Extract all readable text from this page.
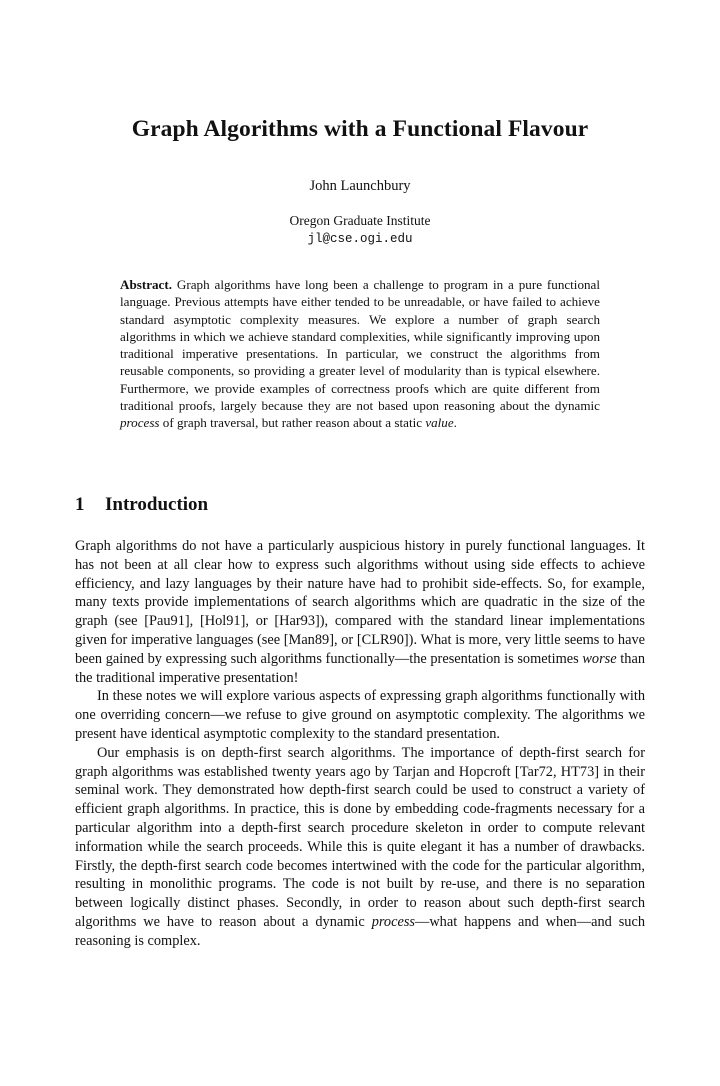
Graph Algorithms with a Functional Flavour
John Launchbury
Oregon Graduate Institute
jl@cse.ogi.edu

Abstract. Graph algorithms have long been a challenge to program in a pure functional language. Previous attempts have either tended to be unreadable, or have failed to achieve standard asymptotic complexity measures. We explore a number of graph search algorithms in which we achieve standard complexities, while significantly improving upon traditional imperative presentations. In particular, we construct the algorithms from reusable components, so providing a greater level of modularity than is typical elsewhere. Furthermore, we provide examples of correctness proofs which are quite different from traditional proofs, largely because they are not based upon reasoning about the dynamic process of graph traversal, but rather reason about a static value.

1 Introduction

Graph algorithms do not have a particularly auspicious history in purely functional languages. It has not been at all clear how to express such algorithms without using side effects to achieve efficiency, and lazy languages by their nature have had to prohibit side-effects. So, for example, many texts provide implementations of search algorithms which are quadratic in the size of the graph (see [Pau91], [Hol91], or [Har93]), compared with the standard linear implementations given for imperative languages (see [Man89], or [CLR90]). What is more, very little seems to have been gained by expressing such algorithms functionally—the presentation is sometimes worse than the traditional imperative presentation!

In these notes we will explore various aspects of expressing graph algorithms functionally with one overriding concern—we refuse to give ground on asymptotic complexity. The algorithms we present have identical asymptotic complexity to the standard presentation.

Our emphasis is on depth-first search algorithms. The importance of depth-first search for graph algorithms was established twenty years ago by Tarjan and Hopcroft [Tar72, HT73] in their seminal work. They demonstrated how depth-first search could be used to construct a variety of efficient graph algorithms. In practice, this is done by embedding code-fragments necessary for a particular algorithm into a depth-first search procedure skeleton in order to compute relevant information while the search proceeds. While this is quite elegant it has a number of drawbacks. Firstly, the depth-first search code becomes intertwined with the code for the particular algorithm, resulting in monolithic programs. The code is not built by re-use, and there is no separation between logically distinct phases. Secondly, in order to reason about such depth-first search algorithms we have to reason about a dynamic process—what happens and when—and such reasoning is complex.
